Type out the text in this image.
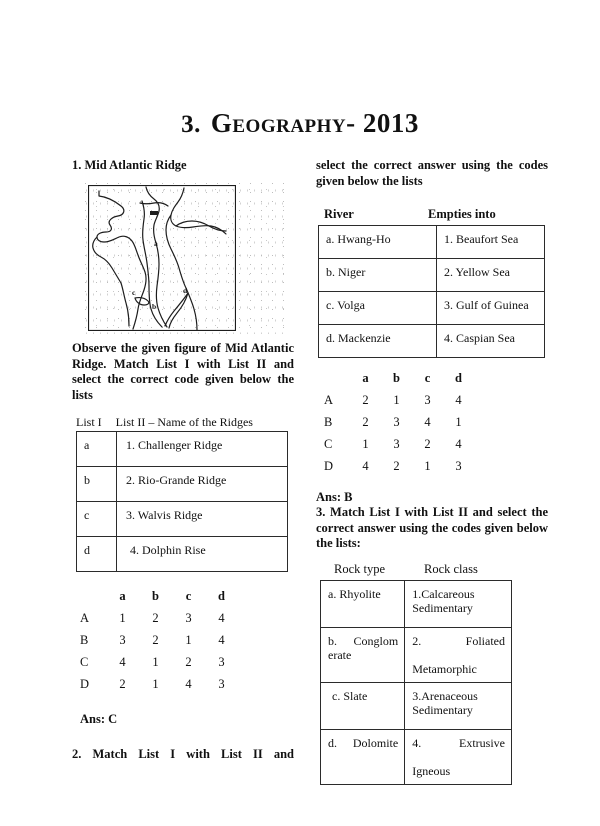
3. Geography- 2013
1. Mid Atlantic Ridge
a
b
c	d
Observe the given figure of Mid Atlantic Ridge. Match List I with List II and select the correct code given below the lists
List I List II – Name of the Ridges
a	1. Challenger Ridge
b	2. Rio-Grande Ridge
c	3. Walvis Ridge
d	4. Dolphin Rise
	a	b	c	d
A	1	2	3	4
B	3	2	1	4
C	4	1	2	3
D	2	1	4	3
Ans: C
2. Match List I with List II and
select the correct answer using the codes given below the lists
River	Empties into
a. Hwang-Ho	1. Beaufort Sea
b. Niger	2. Yellow Sea
c. Volga	3. Gulf of Guinea
d. Mackenzie	4. Caspian Sea
	a	b	c	d
A	2	1	3	4
B	2	3	4	1
C	1	3	2	4
D	4	2	1	3
Ans: B
3. Match List I with List II and select the correct answer using the codes given below the lists:
Rock type	Rock class
a. Rhyolite	1.Calcareous
Sedimentary

b. Conglom erate	2. Foliated
Metamorphic
c. Slate	3.Arenaceous
Sedimentary

d. Dolomite	4. Extrusive
Igneous
